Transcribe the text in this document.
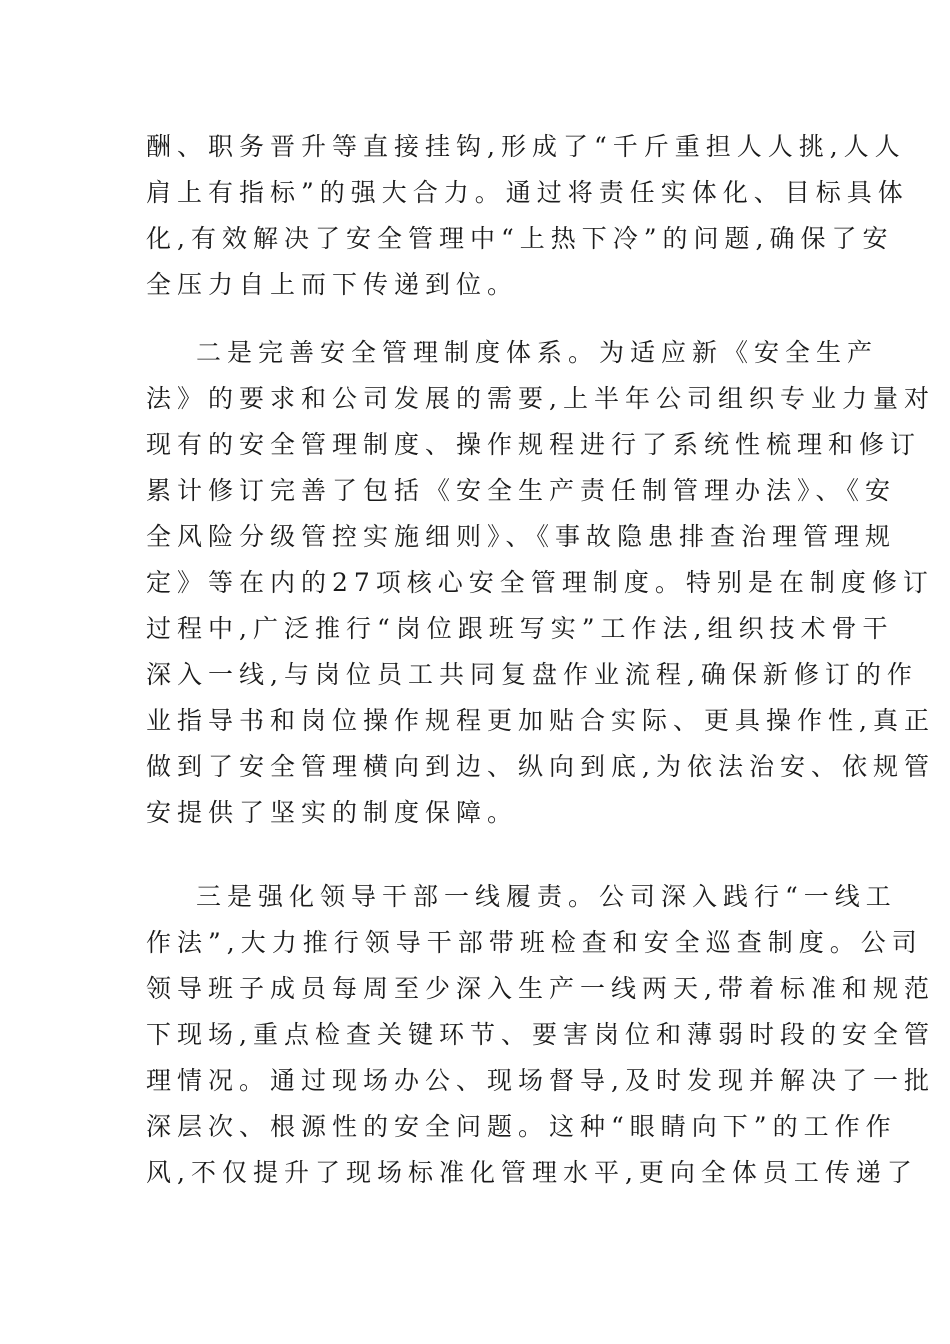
酬、职务晋升等直接挂钩,形成了“千斤重担人人挑,人人
肩上有指标”的强大合力。通过将责任实体化、目标具体
化,有效解决了安全管理中“上热下冷”的问题,确保了安
全压力自上而下传递到位。
二是完善安全管理制度体系。为适应新《安全生产
法》的要求和公司发展的需要,上半年公司组织专业力量对
现有的安全管理制度、操作规程进行了系统性梳理和修订
累计修订完善了包括《安全生产责任制管理办法》、《安
全风险分级管控实施细则》、《事故隐患排查治理管理规
定》等在内的27项核心安全管理制度。特别是在制度修订
过程中,广泛推行“岗位跟班写实”工作法,组织技术骨干
深入一线,与岗位员工共同复盘作业流程,确保新修订的作
业指导书和岗位操作规程更加贴合实际、更具操作性,真正
做到了安全管理横向到边、纵向到底,为依法治安、依规管
安提供了坚实的制度保障。
三是强化领导干部一线履责。公司深入践行“一线工
作法”,大力推行领导干部带班检查和安全巡查制度。公司
领导班子成员每周至少深入生产一线两天,带着标准和规范
下现场,重点检查关键环节、要害岗位和薄弱时段的安全管
理情况。通过现场办公、现场督导,及时发现并解决了一批
深层次、根源性的安全问题。这种“眼睛向下”的工作作
风,不仅提升了现场标准化管理水平,更向全体员工传递了
